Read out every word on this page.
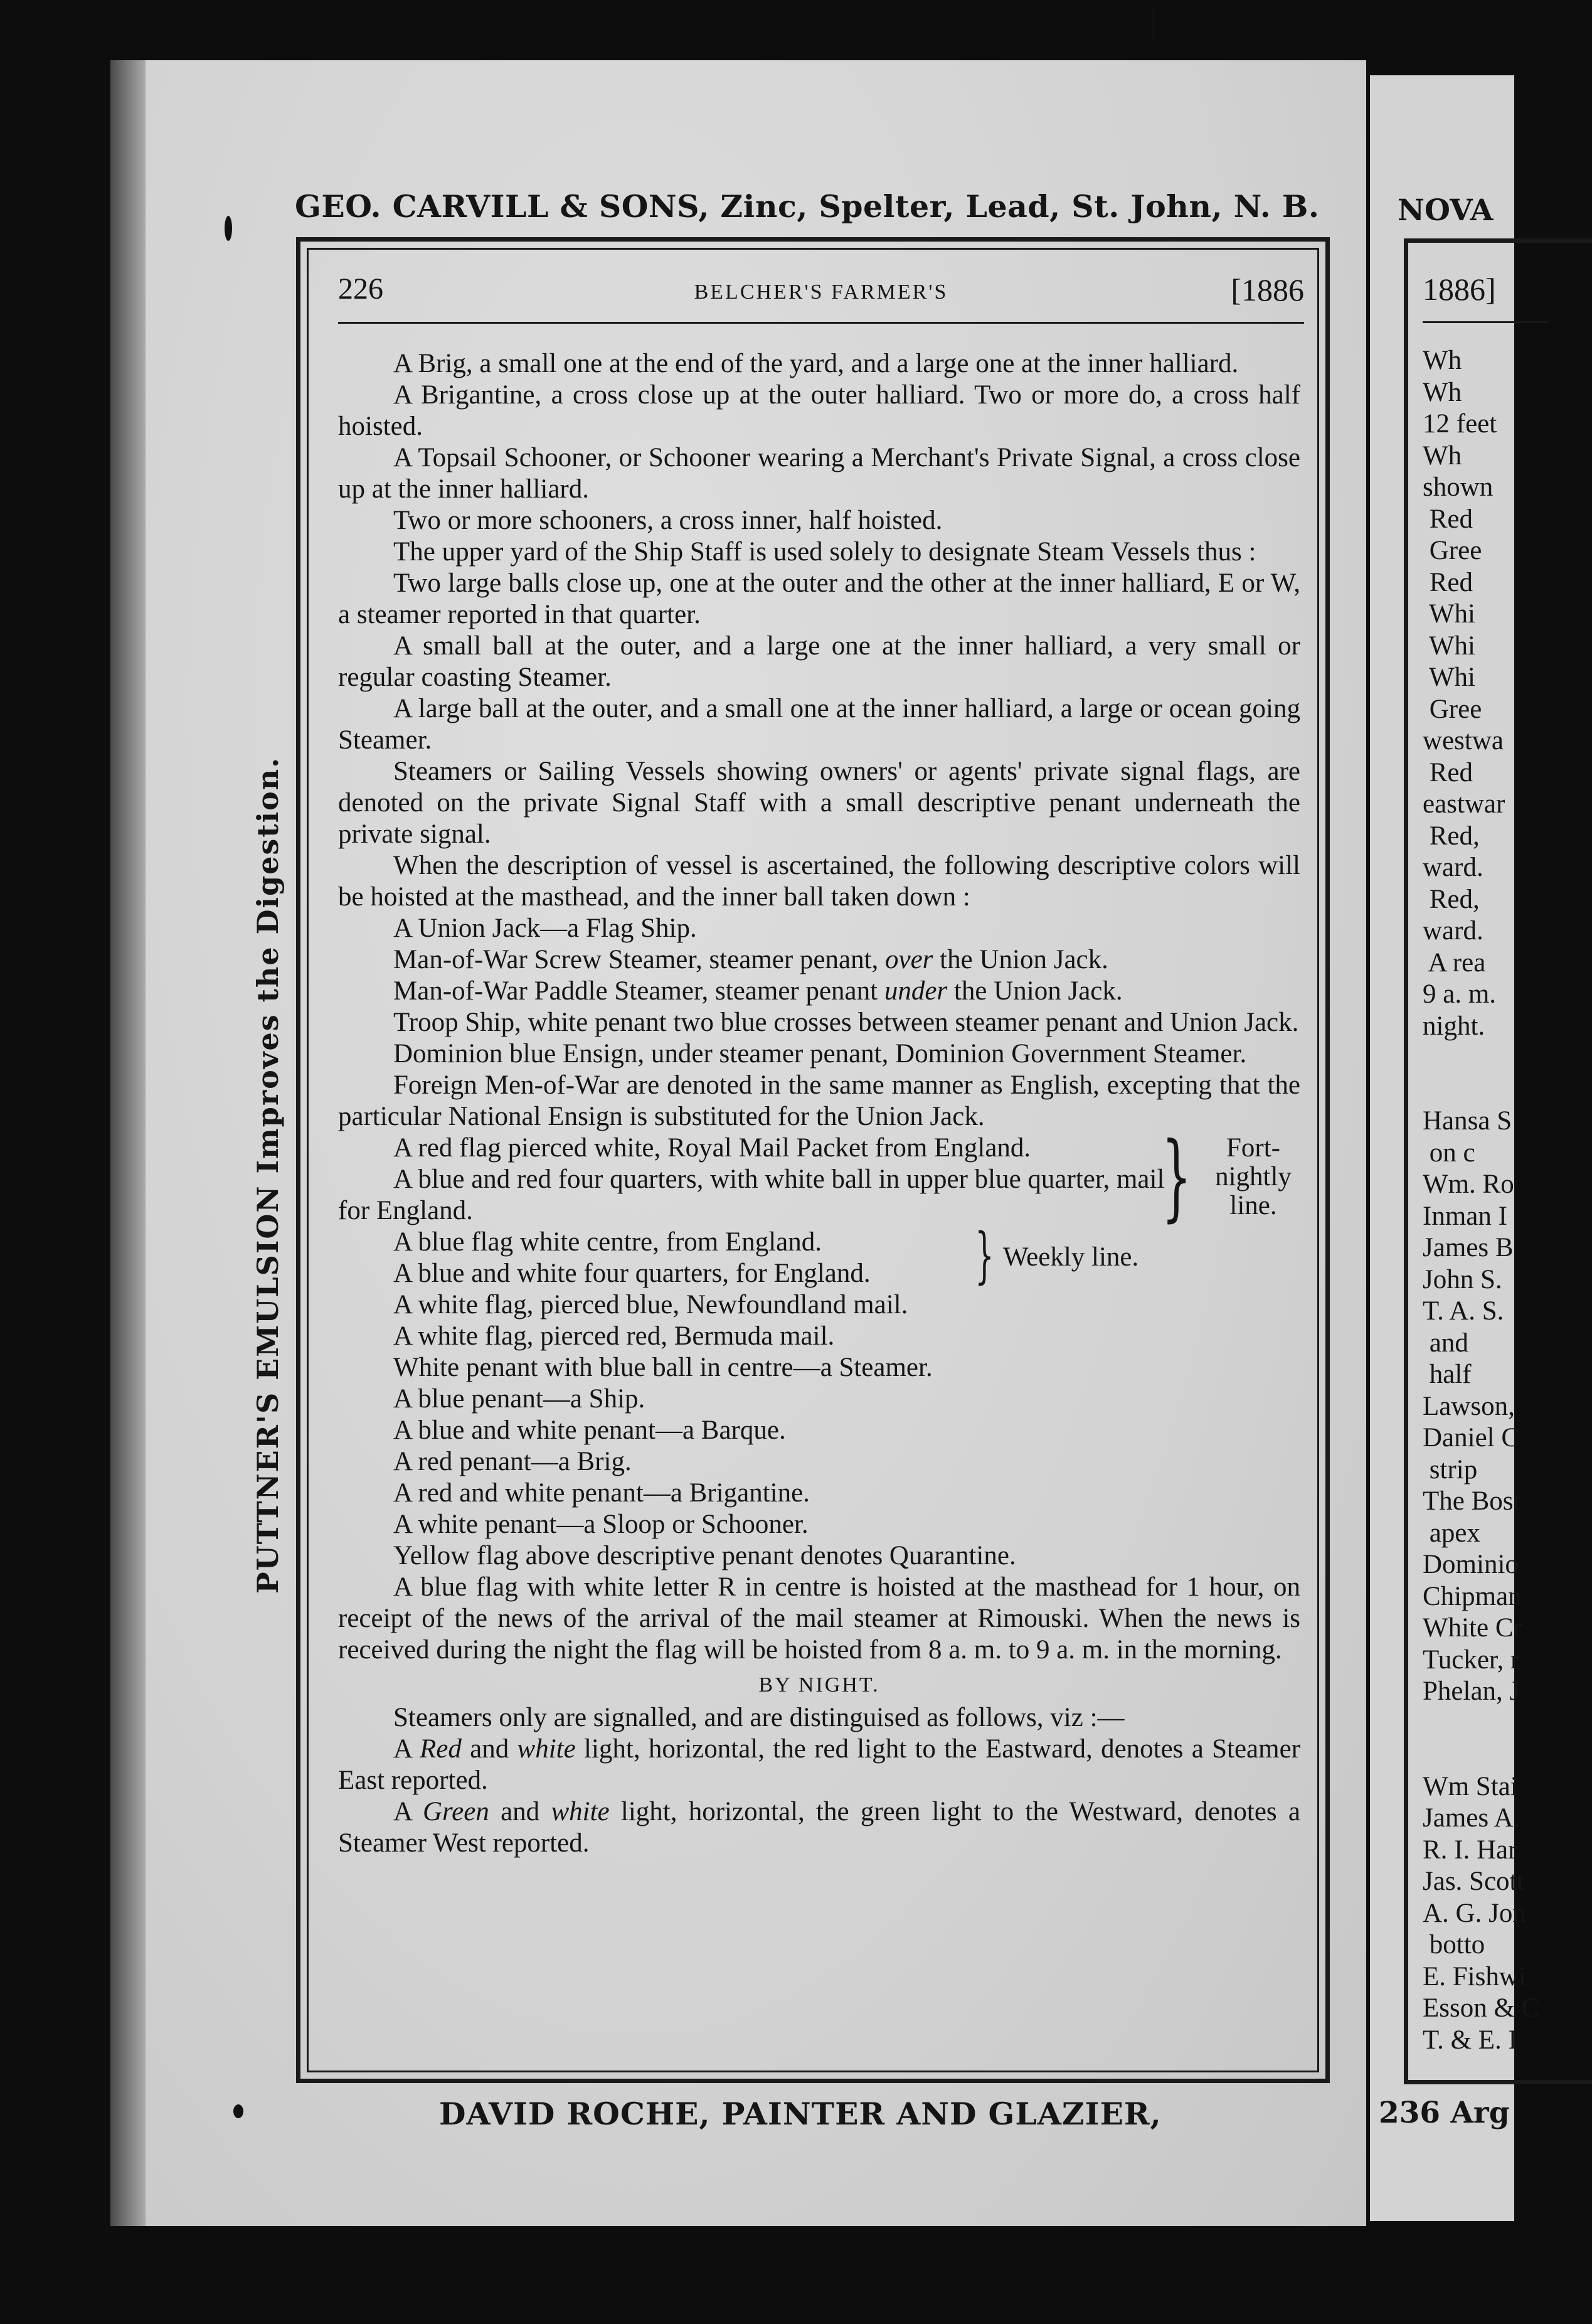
GEO. CARVILL & SONS, Zinc, Spelter, Lead, St. John, N. B.
PUTTNER'S EMULSION Improves the Digestion.
226	BELCHER'S FARMER'S	[1886

A Brig, a small one at the end of the yard, and a large one at the inner halliard.

A Brigantine, a cross close up at the outer halliard. Two or more do, a cross half hoisted.

A Topsail Schooner, or Schooner wearing a Merchant's Private Signal, a cross close up at the inner halliard.

Two or more schooners, a cross inner, half hoisted.

The upper yard of the Ship Staff is used solely to designate Steam Vessels thus :

Two large balls close up, one at the outer and the other at the inner halliard, E or W, a steamer reported in that quarter.

A small ball at the outer, and a large one at the inner halliard, a very small or regular coasting Steamer.

A large ball at the outer, and a small one at the inner halliard, a large or ocean going Steamer.

Steamers or Sailing Vessels showing owners' or agents' private signal flags, are denoted on the private Signal Staff with a small descriptive penant underneath the private signal.

When the description of vessel is ascertained, the following descriptive colors will be hoisted at the masthead, and the inner ball taken down :

A Union Jack—a Flag Ship.

Man-of-War Screw Steamer, steamer penant, over the Union Jack.

Man-of-War Paddle Steamer, steamer penant under the Union Jack.

Troop Ship, white penant two blue crosses between steamer penant and Union Jack.

Dominion blue Ensign, under steamer penant, Dominion Government Steamer.

Foreign Men-of-War are denoted in the same manner as English, excepting that the particular National Ensign is substituted for the Union Jack.

A red flag pierced white, Royal Mail Packet from England.

A blue and red four quarters, with white ball in upper blue quarter, mail for England.	}	Fort-
nightly
line.

A blue flag white centre, from England.

A blue and white four quarters, for England.	} Weekly line.

A white flag, pierced blue, Newfoundland mail.

A white flag, pierced red, Bermuda mail.

White penant with blue ball in centre—a Steamer.

A blue penant—a Ship.

A blue and white penant—a Barque.

A red penant—a Brig.

A red and white penant—a Brigantine.

A white penant—a Sloop or Schooner.

Yellow flag above descriptive penant denotes Quarantine.

A blue flag with white letter R in centre is hoisted at the masthead for 1 hour, on receipt of the news of the arrival of the mail steamer at Rimouski. When the news is received during the night the flag will be hoisted from 8 a. m. to 9 a. m. in the morning.

BY NIGHT.

Steamers only are signalled, and are distinguised as follows, viz :—

A Red and white light, horizontal, the red light to the Eastward, denotes a Steamer East reported.

A Green and white light, horizontal, the green light to the Westward, denotes a Steamer West reported.

DAVID ROCHE, PAINTER AND GLAZIER,
NOVA
1886]
Wh
Wh
12 feet
Wh
shown
Red
Gree
Red
Whi
Whi
Whi
Gree
westwa
Red
eastwar
Red,
ward.
Red,
ward.
A rea
9 a. m.
night.

Hansa S
on c
Wm. Ro
Inman I
James B
John S.
T. A. S.
and
half
Lawson,
Daniel C
strip
The Bost
apex
Dominio
Chipman
White Cr
Tucker, r
Phelan, J

Wm Stai
James A.
R. I. Har
Jas. Scott
A. G. Jon
botto
E. Fishwi
Esson & C
T. & E. I
236 Arg
